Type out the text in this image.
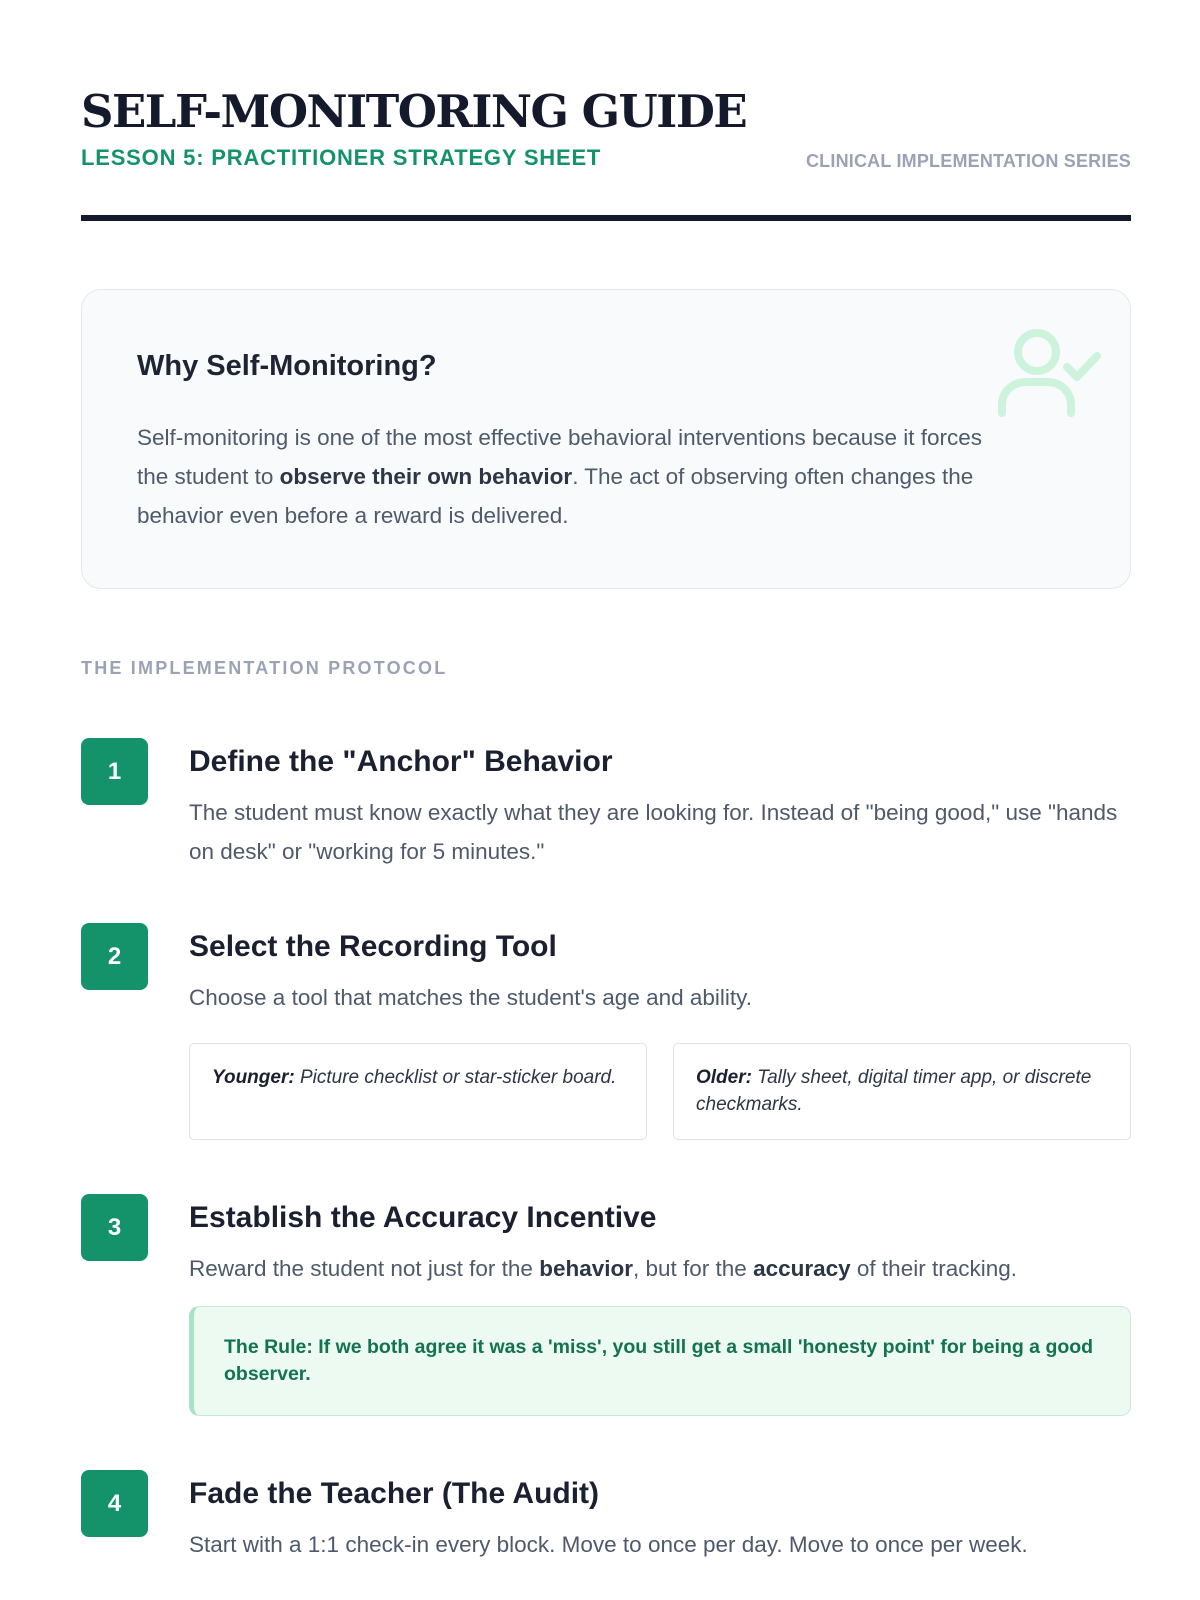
SELF-MONITORING GUIDE
LESSON 5: PRACTITIONER STRATEGY SHEET	CLINICAL IMPLEMENTATION SERIES
Why Self-Monitoring?

Self-monitoring is one of the most effective behavioral interventions because it forces the student to observe their own behavior. The act of observing often changes the behavior even before a reward is delivered.

THE IMPLEMENTATION PROTOCOL
1	Define the "Anchor" Behavior

The student must know exactly what they are looking for. Instead of "being good," use "hands on desk" or "working for 5 minutes."

2	Select the Recording Tool

Choose a tool that matches the student's age and ability.

Younger: Picture checklist or star-sticker board.	Older: Tally sheet, digital timer app, or discrete checkmarks.
3	Establish the Accuracy Incentive

Reward the student not just for the behavior, but for the accuracy of their tracking.

The Rule: If we both agree it was a 'miss', you still get a small 'honesty point' for being a good observer.
4	Fade the Teacher (The Audit)

Start with a 1:1 check-in every block. Move to once per day. Move to once per week.
